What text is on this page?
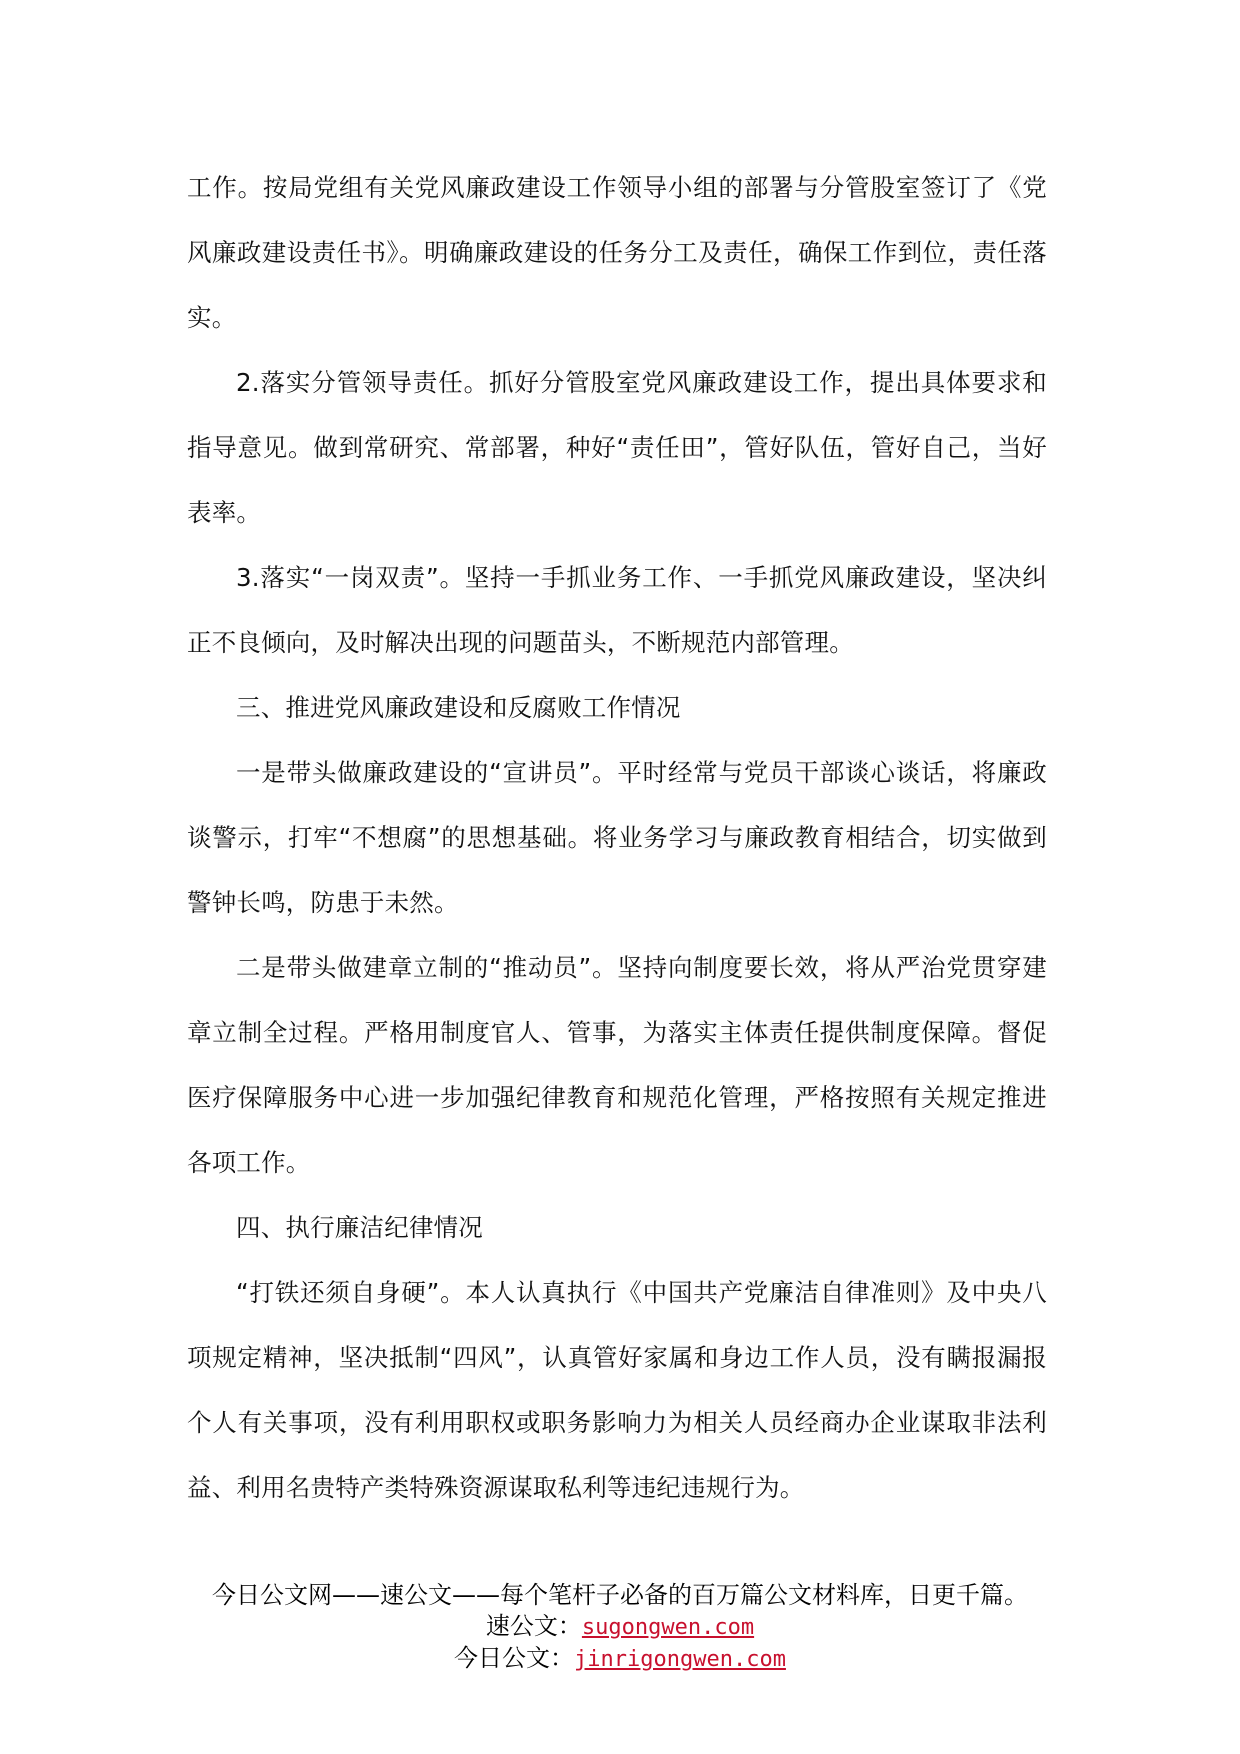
工作。按局党组有关党风廉政建设工作领导小组的部署与分管股室签订了《党风廉政建设责任书》。明确廉政建设的任务分工及责任，确保工作到位，责任落实。

2.落实分管领导责任。抓好分管股室党风廉政建设工作，提出具体要求和指导意见。做到常研究、常部署，种好“责任田”，管好队伍，管好自己，当好表率。

3.落实“一岗双责”。坚持一手抓业务工作、一手抓党风廉政建设，坚决纠正不良倾向，及时解决出现的问题苗头，不断规范内部管理。

三、推进党风廉政建设和反腐败工作情况

一是带头做廉政建设的“宣讲员”。平时经常与党员干部谈心谈话，将廉政谈警示，打牢“不想腐”的思想基础。将业务学习与廉政教育相结合，切实做到警钟长鸣，防患于未然。

二是带头做建章立制的“推动员”。坚持向制度要长效，将从严治党贯穿建章立制全过程。严格用制度官人、管事，为落实主体责任提供制度保障。督促医疗保障服务中心进一步加强纪律教育和规范化管理，严格按照有关规定推进各项工作。

四、执行廉洁纪律情况

“打铁还须自身硬”。本人认真执行《中国共产党廉洁自律准则》及中央八项规定精神，坚决抵制“四风”，认真管好家属和身边工作人员，没有瞒报漏报个人有关事项，没有利用职权或职务影响力为相关人员经商办企业谋取非法利益、利用名贵特产类特殊资源谋取私利等违纪违规行为。

今日公文网——速公文——每个笔杆子必备的百万篇公文材料库，日更千篇。
速公文：sugongwen.com
今日公文：jinrigongwen.com
